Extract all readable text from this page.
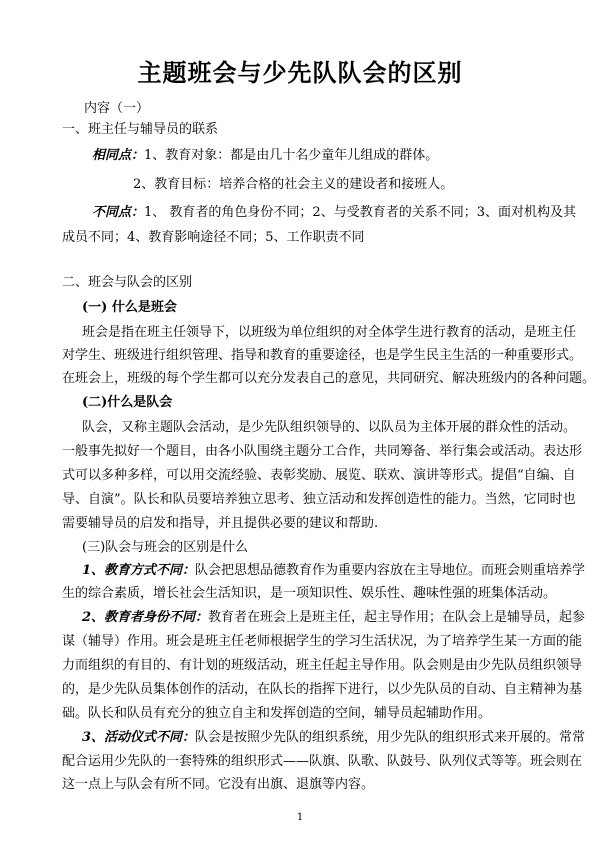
主题班会与少先队队会的区别
内容（一）
一、班主任与辅导员的联系
相同点：1、教育对象：都是由几十名少童年儿组成的群体。
2、教育目标：培养合格的社会主义的建设者和接班人。
不同点：1、 教育者的角色身份不同；2、与受教育者的关系不同；3、面对机构及其
成员不同；4、教育影响途径不同；5、工作职责不同
二、班会与队会的区别
(一) 什么是班会
班会是指在班主任领导下，以班级为单位组织的对全体学生进行教育的活动，是班主任
对学生、班级进行组织管理、指导和教育的重要途径，也是学生民主生活的一种重要形式。
在班会上，班级的每个学生都可以充分发表自己的意见，共同研究、解决班级内的各种问题。
(二)什么是队会
队会，又称主题队会活动，是少先队组织领导的、以队员为主体开展的群众性的活动。
一般事先拟好一个题目，由各小队围绕主题分工合作，共同筹备、举行集会或活动。表达形
式可以多种多样，可以用交流经验、表彰奖励、展览、联欢、演讲等形式。提倡“自编、自
导、自演”。队长和队员要培养独立思考、独立活动和发挥创造性的能力。当然，它同时也
需要辅导员的启发和指导，并且提供必要的建议和帮助.
(三)队会与班会的区别是什么
1、教育方式不同：队会把思想品德教育作为重要内容放在主导地位。而班会则重培养学
生的综合素质，增长社会生活知识，是一项知识性、娱乐性、趣味性强的班集体活动。
2、教育者身份不同：教育者在班会上是班主任，起主导作用；在队会上是辅导员，起参
谋（辅导）作用。班会是班主任老师根据学生的学习生活状况，为了培养学生某一方面的能
力而组织的有目的、有计划的班级活动，班主任起主导作用。队会则是由少先队员组织领导
的，是少先队员集体创作的活动，在队长的指挥下进行，以少先队员的自动、自主精神为基
础。队长和队员有充分的独立自主和发挥创造的空间，辅导员起辅助作用。
3、活动仪式不同：队会是按照少先队的组织系统，用少先队的组织形式来开展的。常常
配合运用少先队的一套特殊的组织形式——队旗、队歌、队鼓号、队列仪式等等。班会则在
这一点上与队会有所不同。它没有出旗、退旗等内容。
1
